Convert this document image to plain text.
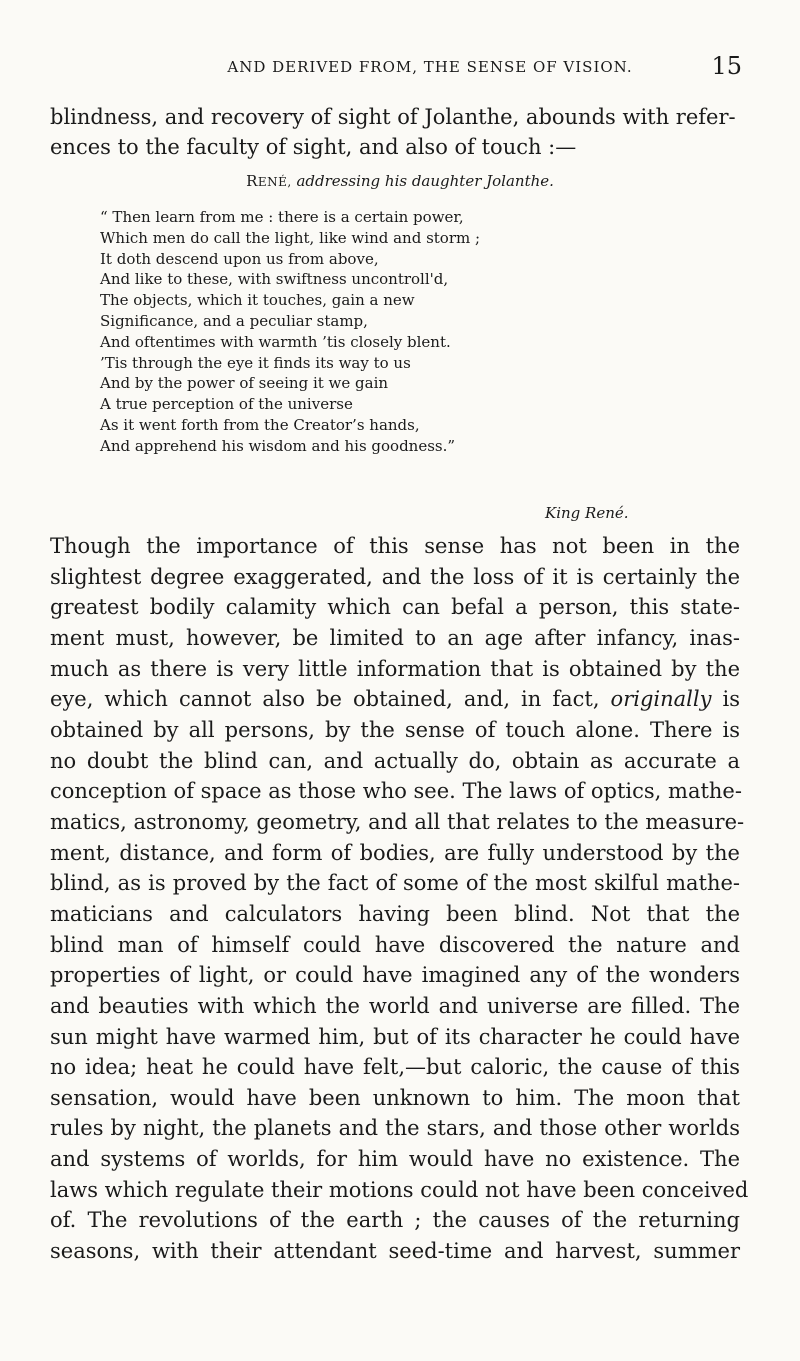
AND DERIVED FROM, THE SENSE OF VISION.	15
blindness, and recovery of sight of Jolanthe, abounds with refer-
ences to the faculty of sight, and also of touch :—
RENÉ, addressing his daughter Jolanthe.
“ Then learn from me : there is a certain power,
Which men do call the light, like wind and storm ;
It doth descend upon us from above,
And like to these, with swiftness uncontroll'd,
The objects, which it touches, gain a new
Significance, and a peculiar stamp,
And oftentimes with warmth ’tis closely blent.
’Tis through the eye it finds its way to us
And by the power of seeing it we gain
A true perception of the universe
As it went forth from the Creator’s hands,
And apprehend his wisdom and his goodness.”
King René.
Though the importance of this sense has not been in the
slightest degree exaggerated, and the loss of it is certainly the
greatest bodily calamity which can befal a person, this state-
ment must, however, be limited to an age after infancy, inas-
much as there is very little information that is obtained by the
eye, which cannot also be obtained, and, in fact, originally is
obtained by all persons, by the sense of touch alone. There is
no doubt the blind can, and actually do, obtain as accurate a
conception of space as those who see. The laws of optics, mathe-
matics, astronomy, geometry, and all that relates to the measure-
ment, distance, and form of bodies, are fully understood by the
blind, as is proved by the fact of some of the most skilful mathe-
maticians and calculators having been blind. Not that the
blind man of himself could have discovered the nature and
properties of light, or could have imagined any of the wonders
and beauties with which the world and universe are filled. The
sun might have warmed him, but of its character he could have
no idea; heat he could have felt,—but caloric, the cause of this
sensation, would have been unknown to him. The moon that
rules by night, the planets and the stars, and those other worlds
and systems of worlds, for him would have no existence. The
laws which regulate their motions could not have been conceived
of. The revolutions of the earth ; the causes of the returning
seasons, with their attendant seed-time and harvest, summer
